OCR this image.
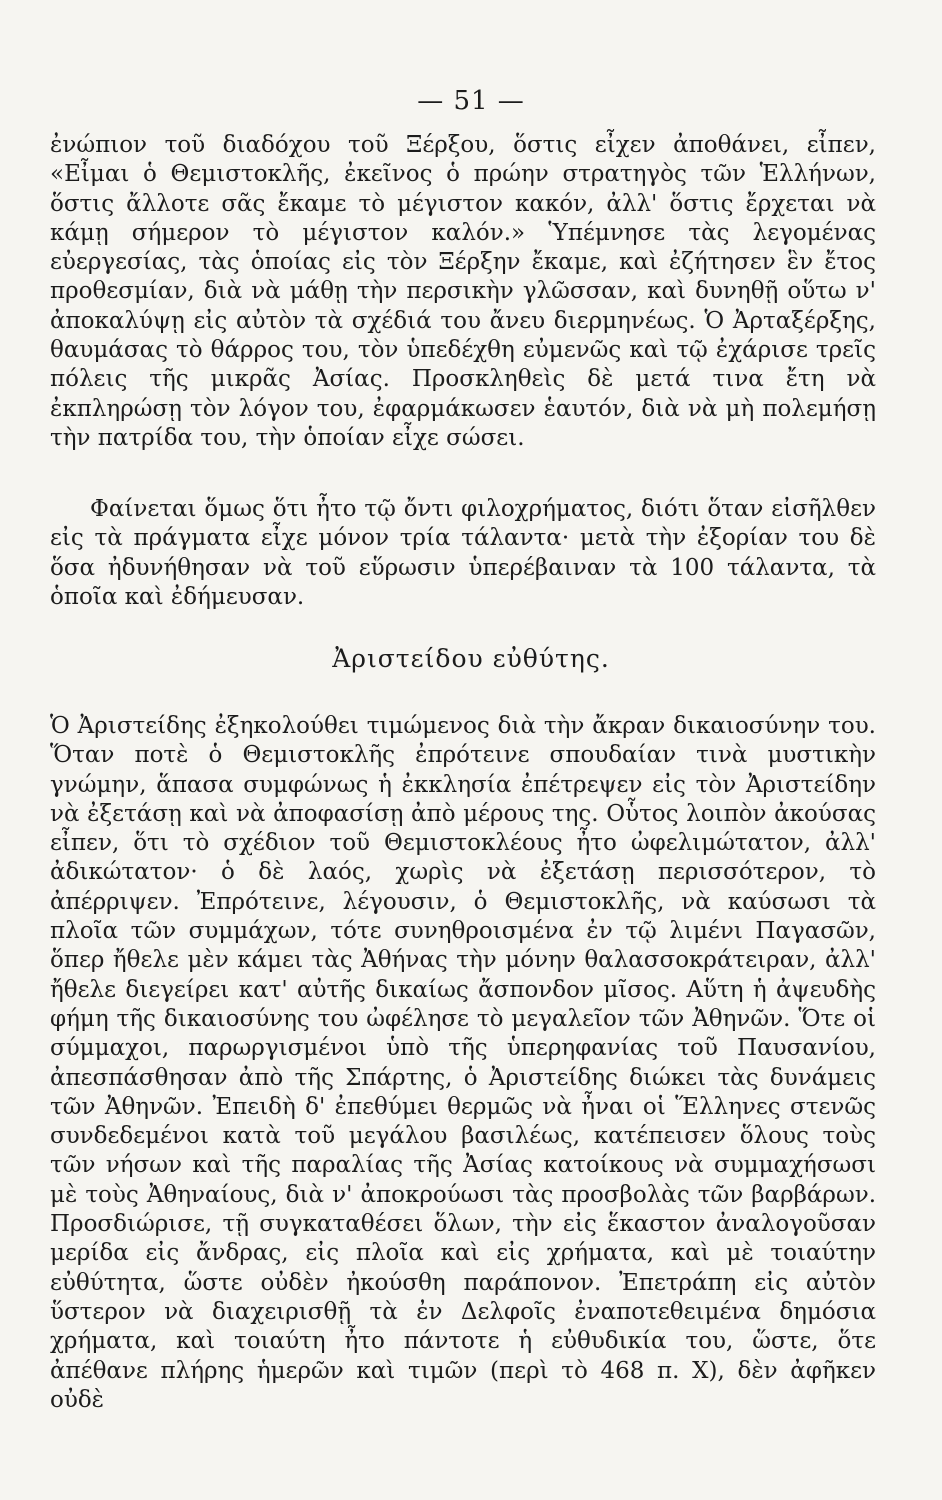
— 51 —

ἐνώπιον τοῦ διαδόχου τοῦ Ξέρξου, ὅστις εἶχεν ἀποθάνει, εἶπεν, «Εἶμαι ὁ Θεμιστοκλῆς, ἐκεῖνος ὁ πρώην στρατηγὸς τῶν Ἑλλήνων, ὅστις ἄλλοτε σᾶς ἔκαμε τὸ μέγιστον κακόν, ἀλλ' ὅστις ἔρχεται νὰ κάμῃ σήμερον τὸ μέγιστον καλόν.» Ὑπέμνησε τὰς λεγομένας εὐεργεσίας, τὰς ὁποίας εἰς τὸν Ξέρξην ἔκαμε, καὶ ἐζήτησεν ἓν ἔτος προθεσμίαν, διὰ νὰ μάθῃ τὴν περσικὴν γλῶσσαν, καὶ δυνηθῇ οὕτω ν' ἀποκαλύψῃ εἰς αὐτὸν τὰ σχέδιά του ἄνευ διερμηνέως. Ὁ Ἀρταξέρξης, θαυμάσας τὸ θάρρος του, τὸν ὑπεδέχθη εὐμενῶς καὶ τῷ ἐχάρισε τρεῖς πόλεις τῆς μικρᾶς Ἀσίας. Προσκληθεὶς δὲ μετά τινα ἔτη νὰ ἐκπληρώσῃ τὸν λόγον του, ἐφαρμάκωσεν ἑαυτόν, διὰ νὰ μὴ πολεμήσῃ τὴν πατρίδα του, τὴν ὁποίαν εἶχε σώσει.

Φαίνεται ὅμως ὅτι ἦτο τῷ ὄντι φιλοχρήματος, διότι ὅταν εἰσῆλθεν εἰς τὰ πράγματα εἶχε μόνον τρία τάλαντα· μετὰ τὴν ἐξορίαν του δὲ ὅσα ἠδυνήθησαν νὰ τοῦ εὕρωσιν ὑπερέβαιναν τὰ 100 τάλαντα, τὰ ὁποῖα καὶ ἐδήμευσαν.

Ἀριστείδου εὐθύτης.

Ὁ Ἀριστείδης ἐξηκολούθει τιμώμενος διὰ τὴν ἄκραν δικαιοσύνην του. Ὅταν ποτὲ ὁ Θεμιστοκλῆς ἐπρότεινε σπουδαίαν τινὰ μυστικὴν γνώμην, ἅπασα συμφώνως ἡ ἐκκλησία ἐπέτρεψεν εἰς τὸν Ἀριστείδην νὰ ἐξετάσῃ καὶ νὰ ἀποφασίσῃ ἀπὸ μέρους της. Οὗτος λοιπὸν ἀκούσας εἶπεν, ὅτι τὸ σχέδιον τοῦ Θεμιστοκλέους ἦτο ὠφελιμώτατον, ἀλλ' ἀδικώτατον· ὁ δὲ λαός, χωρὶς νὰ ἐξετάσῃ περισσότερον, τὸ ἀπέρριψεν. Ἐπρότεινε, λέγουσιν, ὁ Θεμιστοκλῆς, νὰ καύσωσι τὰ πλοῖα τῶν συμμάχων, τότε συνηθροισμένα ἐν τῷ λιμένι Παγασῶν, ὅπερ ἤθελε μὲν κάμει τὰς Ἀθήνας τὴν μόνην θαλασσοκράτειραν, ἀλλ' ἤθελε διεγείρει κατ' αὐτῆς δικαίως ἄσπονδον μῖσος. Αὕτη ἡ ἀψευδὴς φήμη τῆς δικαιοσύνης του ὠφέλησε τὸ μεγαλεῖον τῶν Ἀθηνῶν. Ὅτε οἱ σύμμαχοι, παρωργισμένοι ὑπὸ τῆς ὑπερηφανίας τοῦ Παυσανίου, ἀπεσπάσθησαν ἀπὸ τῆς Σπάρτης, ὁ Ἀριστείδης διώκει τὰς δυνάμεις τῶν Ἀθηνῶν. Ἐπειδὴ δ' ἐπεθύμει θερμῶς νὰ ἦναι οἱ Ἕλληνες στενῶς συνδεδεμένοι κατὰ τοῦ μεγάλου βασιλέως, κατέπεισεν ὅλους τοὺς τῶν νήσων καὶ τῆς παραλίας τῆς Ἀσίας κατοίκους νὰ συμμαχήσωσι μὲ τοὺς Ἀθηναίους, διὰ ν' ἀποκρούωσι τὰς προσβολὰς τῶν βαρβάρων. Προσδιώρισε, τῇ συγκαταθέσει ὅλων, τὴν εἰς ἕκαστον ἀναλογοῦσαν μερίδα εἰς ἄνδρας, εἰς πλοῖα καὶ εἰς χρήματα, καὶ μὲ τοιαύτην εὐθύτητα, ὥστε οὐδὲν ἠκούσθη παράπονον. Ἐπετράπη εἰς αὐτὸν ὕστερον νὰ διαχειρισθῇ τὰ ἐν Δελφοῖς ἐναποτεθειμένα δημόσια χρήματα, καὶ τοιαύτη ἦτο πάντοτε ἡ εὐθυδικία του, ὥστε, ὅτε ἀπέθανε πλήρης ἡμερῶν καὶ τιμῶν (περὶ τὸ 468 π. Χ), δὲν ἀφῆκεν οὐδὲ
